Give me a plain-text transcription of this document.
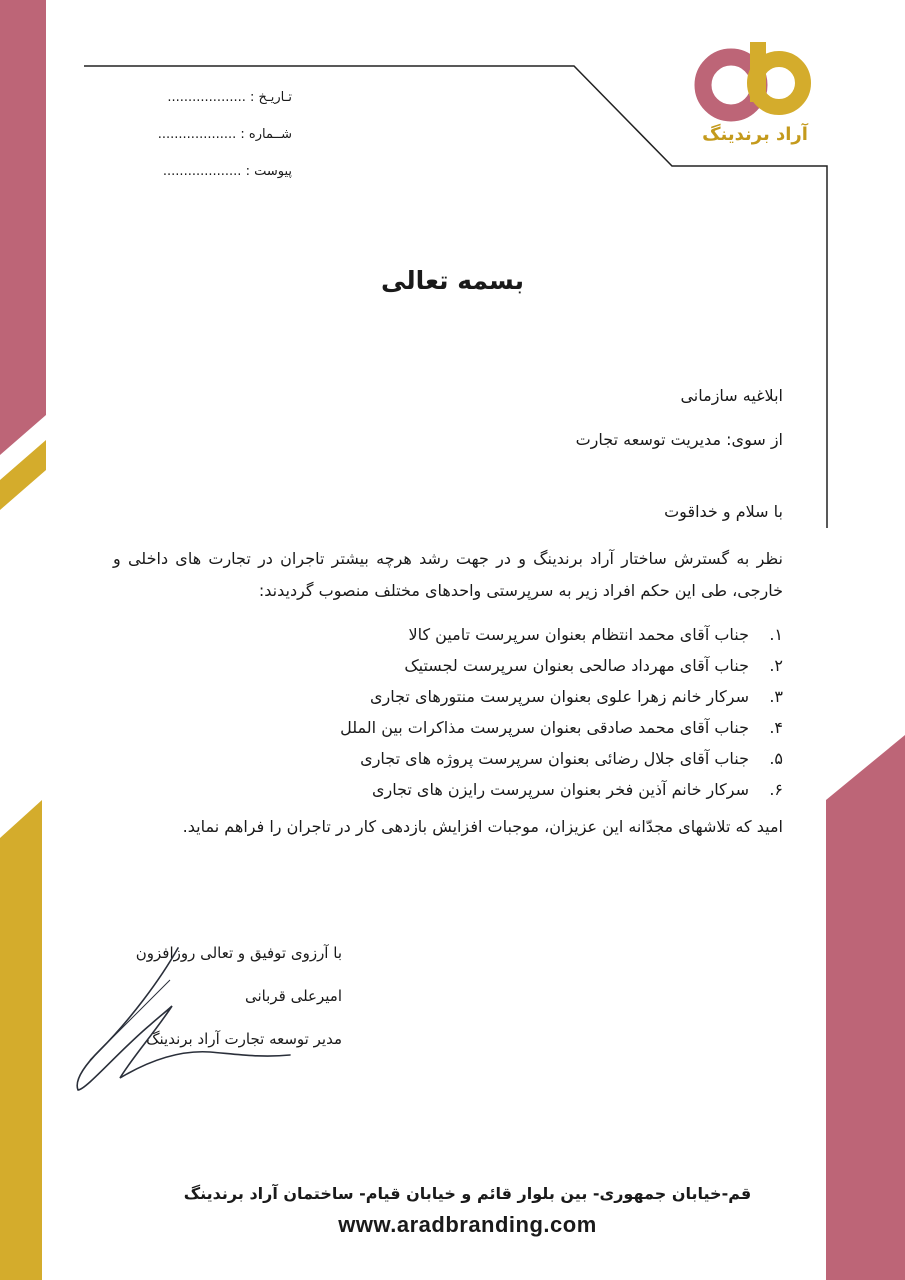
آراد برندینگ
تـاریـخ : ...................
شــماره : ...................
پیوست : ...................
بسمه تعالی
ابلاغیه سازمانی
از سوی: مدیریت توسعه تجارت
با سلام و خداقوت
نظر به گسترش ساختار آراد برندینگ و در جهت رشد هرچه بیشتر تاجران در تجارت های داخلی و خارجی، طی این حکم افراد زیر به سرپرستی واحدهای مختلف منصوب گردیدند:
۱.جناب آقای محمد انتظام بعنوان سرپرست تامین کالا
۲.جناب آقای مهرداد صالحی بعنوان سرپرست لجستیک
۳.سرکار خانم زهرا علوی بعنوان سرپرست منتورهای تجاری
۴.جناب آقای محمد صادقی بعنوان سرپرست مذاکرات بین الملل
۵.جناب آقای جلال رضائی بعنوان سرپرست پروژه های تجاری
۶.سرکار خانم آذین فخر بعنوان سرپرست رایزن های تجاری
امید که تلاشهای مجدّانه این عزیزان، موجبات افزایش بازدهی کار در تاجران را فراهم نماید.
با آرزوی توفیق و تعالی روزافزون
امیرعلی قربانی
مدیر توسعه تجارت آراد برندینگ
قم-خیابان جمهوری- بین بلوار قائم و خیابان قیام- ساختمان آراد برندینگ
www.aradbranding.com
